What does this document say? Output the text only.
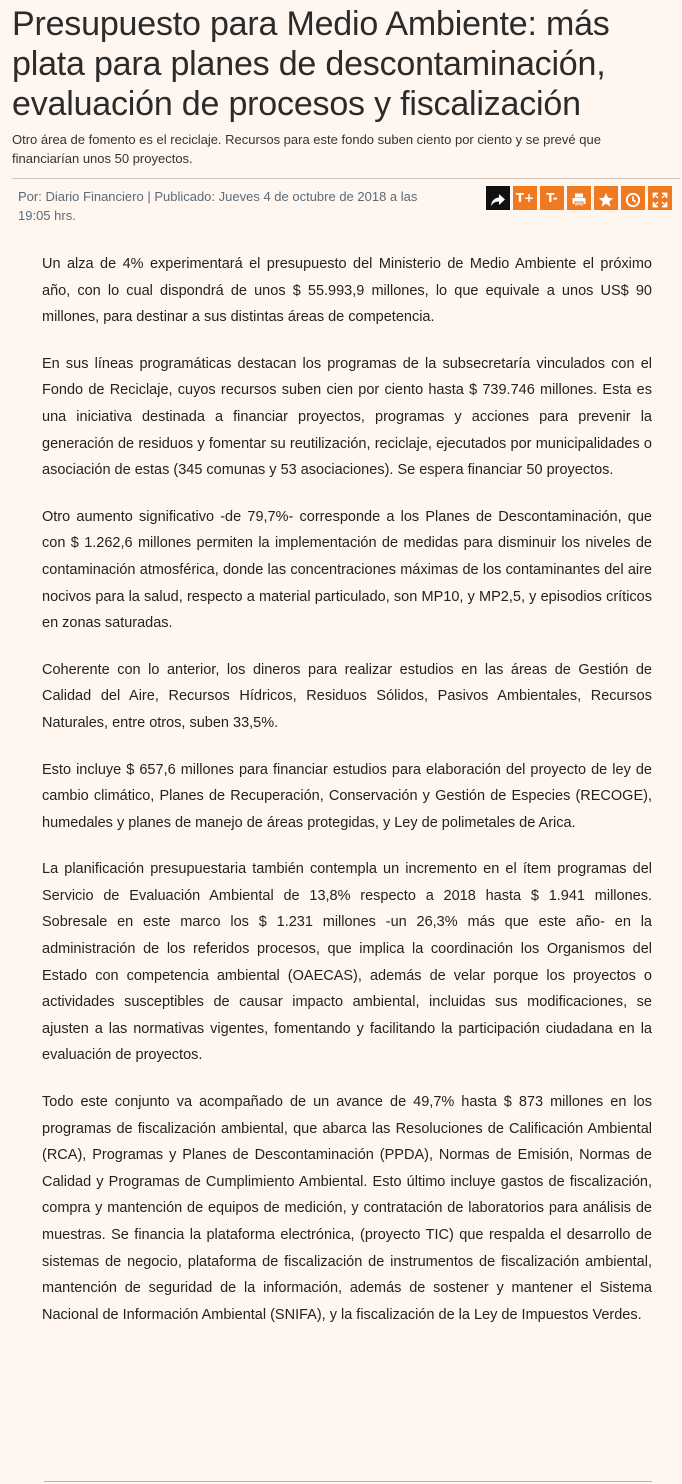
Presupuesto para Medio Ambiente: más plata para planes de descontaminación, evaluación de procesos y fiscalización

Otro área de fomento es el reciclaje. Recursos para este fondo suben ciento por ciento y se prevé que financiarían unos 50 proyectos.

Por: Diario Financiero | Publicado: Jueves 4 de octubre de 2018 a las 19:05 hrs.
T+	T-

Un alza de 4% experimentará el presupuesto del Ministerio de Medio Ambiente el próximo año, con lo cual dispondrá de unos $ 55.993,9 millones, lo que equivale a unos US$ 90 millones, para destinar a sus distintas áreas de competencia.

En sus líneas programáticas destacan los programas de la subsecretaría vinculados con el Fondo de Reciclaje, cuyos recursos suben cien por ciento hasta $ 739.746 millones. Esta es una iniciativa destinada a financiar proyectos, programas y acciones para prevenir la generación de residuos y fomentar su reutilización, reciclaje, ejecutados por municipalidades o asociación de estas (345 comunas y 53 asociaciones). Se espera financiar 50 proyectos.

Otro aumento significativo -de 79,7%- corresponde a los Planes de Descontaminación, que con $ 1.262,6 millones permiten la implementación de medidas para disminuir los niveles de contaminación atmosférica, donde las concentraciones máximas de los contaminantes del aire nocivos para la salud, respecto a material particulado, son MP10, y MP2,5, y episodios críticos en zonas saturadas.

Coherente con lo anterior, los dineros para realizar estudios en las áreas de Gestión de Calidad del Aire, Recursos Hídricos, Residuos Sólidos, Pasivos Ambientales, Recursos Naturales, entre otros, suben 33,5%.

Esto incluye $ 657,6 millones para financiar estudios para elaboración del proyecto de ley de cambio climático, Planes de Recuperación, Conservación y Gestión de Especies (RECOGE), humedales y planes de manejo de áreas protegidas, y Ley de polimetales de Arica.

La planificación presupuestaria también contempla un incremento en el ítem programas del Servicio de Evaluación Ambiental de 13,8% respecto a 2018 hasta $ 1.941 millones. Sobresale en este marco los $ 1.231 millones -un 26,3% más que este año- en la administración de los referidos procesos, que implica la coordinación los Organismos del Estado con competencia ambiental (OAECAS), además de velar porque los proyectos o actividades susceptibles de causar impacto ambiental, incluidas sus modificaciones, se ajusten a las normativas vigentes, fomentando y facilitando la participación ciudadana en la evaluación de proyectos.

Todo este conjunto va acompañado de un avance de 49,7% hasta $ 873 millones en los programas de fiscalización ambiental, que abarca las Resoluciones de Calificación Ambiental (RCA), Programas y Planes de Descontaminación (PPDA), Normas de Emisión, Normas de Calidad y Programas de Cumplimiento Ambiental. Esto último incluye gastos de fiscalización, compra y mantención de equipos de medición, y contratación de laboratorios para análisis de muestras. Se financia la plataforma electrónica, (proyecto TIC) que respalda el desarrollo de sistemas de negocio, plataforma de fiscalización de instrumentos de fiscalización ambiental, mantención de seguridad de la información, además de sostener y mantener el Sistema Nacional de Información Ambiental (SNIFA), y la fiscalización de la Ley de Impuestos Verdes.
